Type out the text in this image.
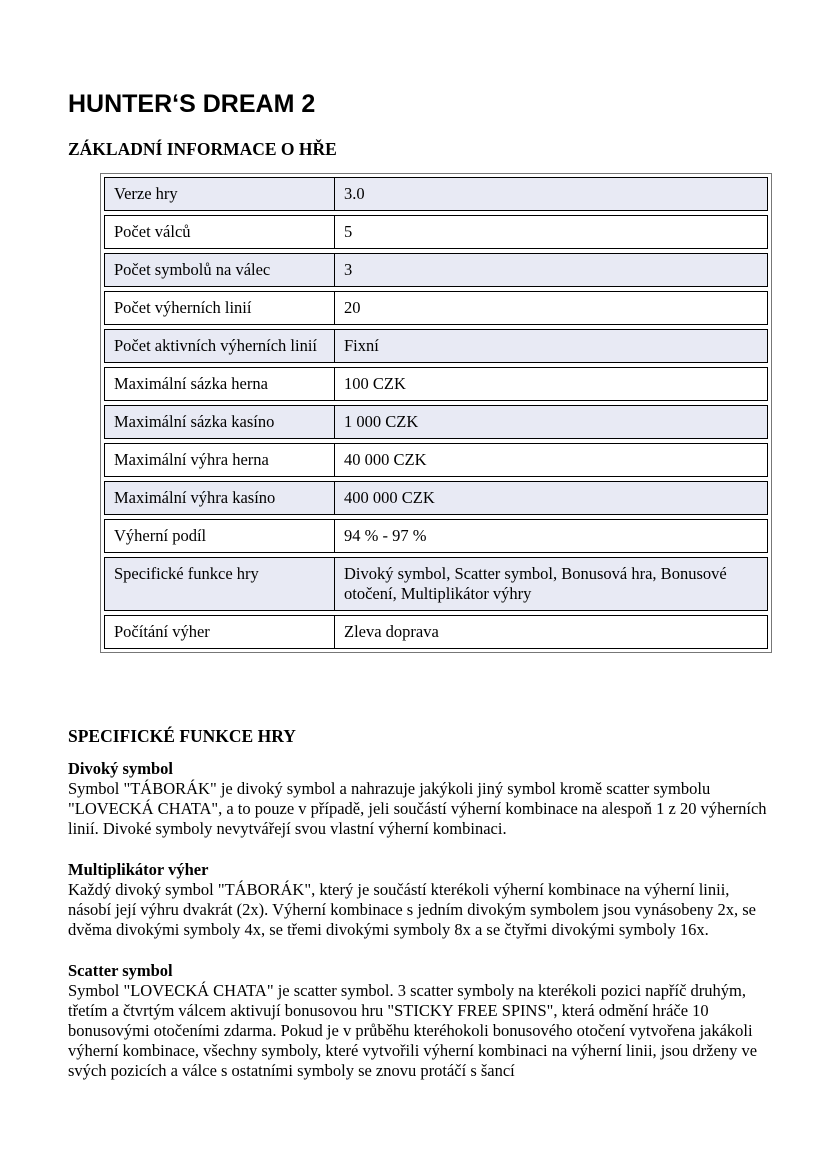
HUNTER‘S DREAM 2
ZÁKLADNÍ INFORMACE O HŘE
Verze hry	3.0
Počet válců	5
Počet symbolů na válec	3
Počet výherních linií	20
Počet aktivních výherních linií	Fixní
Maximální sázka herna	100 CZK
Maximální sázka kasíno	1 000 CZK
Maximální výhra herna	40 000 CZK
Maximální výhra kasíno	400 000 CZK
Výherní podíl	94 % - 97 %
Specifické funkce hry	Divoký symbol, Scatter symbol, Bonusová hra, Bonusové otočení, Multiplikátor výhry
Počítání výher	Zleva doprava
SPECIFICKÉ FUNKCE HRY

Divoký symbol

Symbol "TÁBORÁK" je divoký symbol a nahrazuje jakýkoli jiný symbol kromě scatter symbolu "LOVECKÁ CHATA", a to pouze v případě, jeli součástí výherní kombinace na alespoň 1 z 20 výherních linií. Divoké symboly nevytvářejí svou vlastní výherní kombinaci.

Multiplikátor výher

Každý divoký symbol "TÁBORÁK", který je součástí kterékoli výherní kombinace na výherní linii, násobí její výhru dvakrát (2x). Výherní kombinace s jedním divokým symbolem jsou vynásobeny 2x, se dvěma divokými symboly 4x, se třemi divokými symboly 8x a se čtyřmi divokými symboly 16x.

Scatter symbol

Symbol "LOVECKÁ CHATA" je scatter symbol. 3 scatter symboly na kterékoli pozici napříč druhým, třetím a čtvrtým válcem aktivují bonusovou hru "STICKY FREE SPINS", která odmění hráče 10 bonusovými otočeními zdarma. Pokud je v průběhu kteréhokoli bonusového otočení vytvořena jakákoli výherní kombinace, všechny symboly, které vytvořili výherní kombinaci na výherní linii, jsou drženy ve svých pozicích a válce s ostatními symboly se znovu protáčí s šancí
